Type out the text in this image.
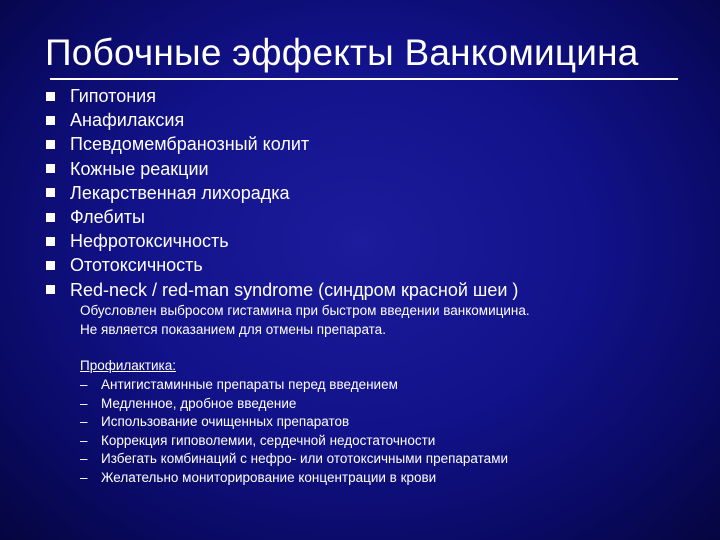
Побочные эффекты Ванкомицина
Гипотония
Анафилаксия
Псевдомембранозный колит
Кожные реакции
Лекарственная лихорадка
Флебиты
Нефротоксичность
Ототоксичность
Red-neck / red-man syndrome (синдром красной шеи )
Обусловлен выбросом гистамина при быстром введении ванкомицина.
Не является показанием для отмены препарата.
Профилактика:
– Антигистаминные препараты перед введением
– Медленное, дробное введение
– Использование очищенных препаратов
– Коррекция гиповолемии, сердечной недостаточности
– Избегать комбинаций с нефро- или ототоксичными препаратами
– Желательно мониторирование концентрации в крови
